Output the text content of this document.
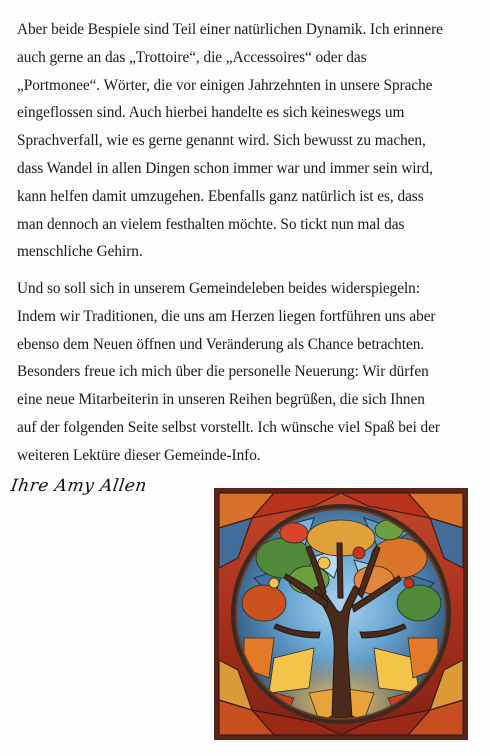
Aber beide Bespiele sind Teil einer natürlichen Dynamik. Ich erinnere
auch gerne an das „Trottoire“, die „Accessoires“ oder das
„Portmonee“. Wörter, die vor einigen Jahrzehnten in unsere Sprache
eingeflossen sind. Auch hierbei handelte es sich keineswegs um
Sprachverfall, wie es gerne genannt wird. Sich bewusst zu machen,
dass Wandel in allen Dingen schon immer war und immer sein wird,
kann helfen damit umzugehen. Ebenfalls ganz natürlich ist es, dass
man dennoch an vielem festhalten möchte. So tickt nun mal das
menschliche Gehirn.
Und so soll sich in unserem Gemeindeleben beides widerspiegeln:
Indem wir Traditionen, die uns am Herzen liegen fortführen uns aber
ebenso dem Neuen öffnen und Veränderung als Chance betrachten.
Besonders freue ich mich über die personelle Neuerung: Wir dürfen
eine neue Mitarbeiterin in unseren Reihen begrüßen, die sich Ihnen
auf der folgenden Seite selbst vorstellt. Ich wünsche viel Spaß bei der
weiteren Lektüre dieser Gemeinde-Info.
Ihre Amy Allen
